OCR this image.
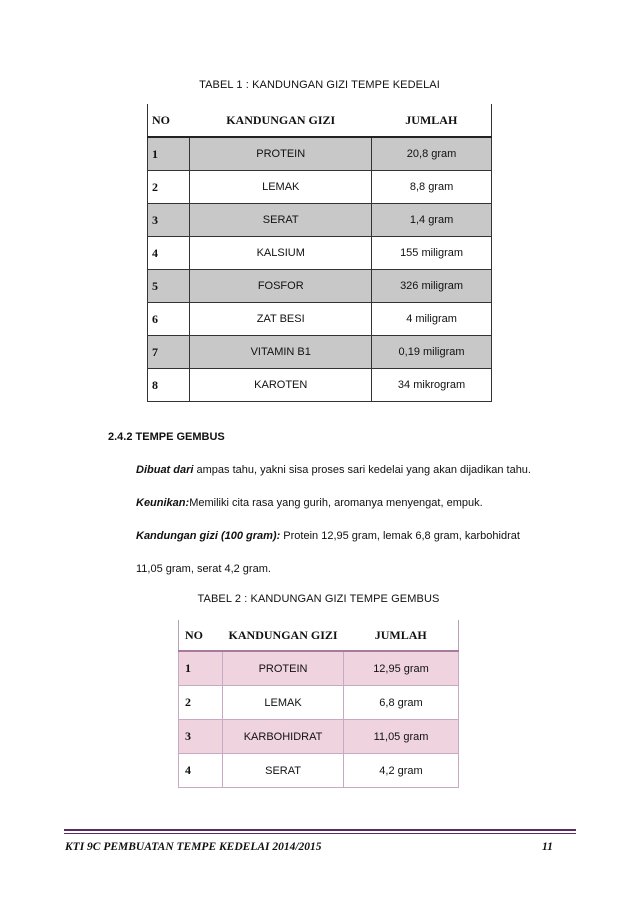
TABEL 1 : KANDUNGAN GIZI TEMPE KEDELAI
NO	KANDUNGAN GIZI	JUMLAH
1	PROTEIN	20,8 gram
2	LEMAK	8,8 gram
3	SERAT	1,4 gram
4	KALSIUM	155 miligram
5	FOSFOR	326 miligram
6	ZAT BESI	4 miligram
7	VITAMIN B1	0,19 miligram
8	KAROTEN	34 mikrogram
2.4.2 TEMPE GEMBUS
Dibuat dari ampas tahu, yakni sisa proses sari kedelai yang akan dijadikan tahu.
Keunikan:Memiliki cita rasa yang gurih, aromanya menyengat, empuk.
Kandungan gizi (100 gram): Protein 12,95 gram, lemak 6,8 gram, karbohidrat
11,05 gram, serat 4,2 gram.
TABEL 2 : KANDUNGAN GIZI TEMPE GEMBUS
NO	KANDUNGAN GIZI	JUMLAH
1	PROTEIN	12,95 gram
2	LEMAK	6,8 gram
3	KARBOHIDRAT	11,05 gram
4	SERAT	4,2 gram
KTI 9C PEMBUATAN TEMPE KEDELAI 2014/2015	11
